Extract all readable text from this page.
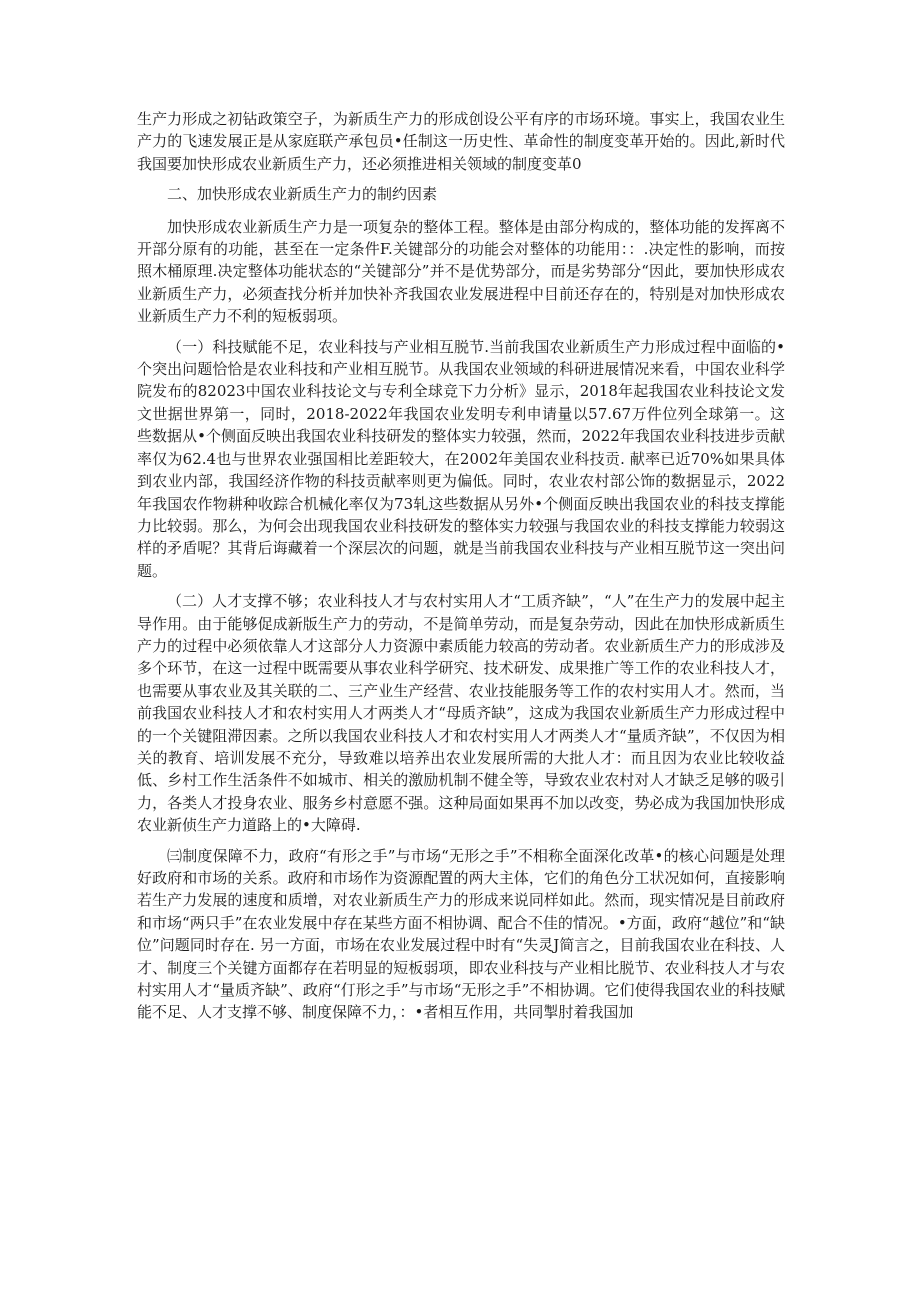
生产力形成之初钻政策空子，为新质生产力的形成创设公平有序的市场环境。事实上，我国农业生产力的飞速发展正是从家庭联产承包员•任制这一历史性、革命性的制度变革开始的。因此,新时代我国要加快形成农业新质生产力，还必须推进相关领域的制度变革0

二、加快形成农业新质生产力的制约因素

加快形成农业新质生产力是一项复杂的整体工程。整体是由部分构成的，整体功能的发挥离不开部分原有的功能，甚至在一定条件F.关键部分的功能会对整体的功能用：：.决定性的影响，而按照木桶原理.决定整体功能状态的“关键部分”并不是优势部分，而是劣势部分“因此，要加快形成农业新质生产力，必须查找分析并加快补齐我国农业发展进程中目前还存在的，特别是对加快形成农业新质生产力不利的短板弱项。

（一）科技赋能不足，农业科技与产业相互脱节.当前我国农业新质生产力形成过程中面临的•个突出问题恰恰是农业科技和产业相互脱节。从我国农业领域的科研进展情况来看，中国农业科学院发布的82023中国农业科技论文与专利全球竞下力分析》显示，2018年起我国农业科技论文发文世据世界第一，同时，2018-2022年我国农业发明专利申请量以57.67万件位列全球第一。这些数据从•个侧面反映出我国农业科技研发的整体实力较强，然而，2022年我国农业科技进步贡献率仅为62.4也与世界农业强国相比差距较大，在2002年美国农业科技贡. 献率已近70%如果具体到农业内部，我国经济作物的科技贡献率则更为偏低。同时，农业农村部公饰的数据显示，2022年我国农作物耕种收踪合机械化率仅为73轧这些数据从另外•个侧面反映出我国农业的科技支撑能力比较弱。那么，为何会出现我国农业科技研发的整体实力较强与我国农业的科技支撑能力较弱这样的矛盾呢？其背后诲藏着一个深层次的问题，就是当前我国农业科技与产业相互脱节这一突出问题。

（二）人才支撑不够；农业科技人才与农村实用人才“工质齐缺”，“人”在生产力的发展中起主导作用。由于能够促成新版生产力的劳动，不是简单劳动，而是复杂劳动，因此在加快形成新质生产力的过程中必须依靠人才这部分人力资源中素质能力较高的劳动者。农业新质生产力的形成涉及多个环节，在这一过程中既需要从事农业科学研究、技术研发、成果推广等工作的农业科技人才，也需要从事农业及其关联的二、三产业生产经营、农业技能服务等工作的农村实用人才。然而，当前我国农业科技人才和农村实用人才两类人才“母质齐缺”，这成为我国农业新质生产力形成过程中的一个关键阻滞因素。之所以我国农业科技人才和农村实用人才两类人才“量质齐缺”，不仅因为相关的教育、培训发展不充分，导致难以培养出农业发展所需的大批人才：而且因为农业比较收益低、乡村工作生活条件不如城市、相关的激励机制不健全等，导致农业农村对人才缺乏足够的吸引力，各类人才投身农业、服务乡村意愿不强。这种局面如果再不加以改变，势必成为我国加快形成农业新侦生产力道路上的•大障碍.

㈢制度保障不力，政府“有形之手”与市场“无形之手”不相称全面深化改革•的核心问题是处理好政府和市场的关系。政府和市场作为资源配置的两大主体，它们的角色分工状况如何，直接影响若生产力发展的速度和质增，对农业新质生产力的形成来说同样如此。然而，现实情况是目前政府和市场“两只手”在农业发展中存在某些方面不相协调、配合不佳的情况。•方面，政府“越位”和“缺位”问题同时存在. 另一方面，市场在农业发展过程中时有“失灵J简言之，目前我国农业在科技、人才、制度三个关键方面都存在若明显的短板弱项，即农业科技与产业相比脱节、农业科技人才与农村实用人才“量质齐缺”、政府“仃形之手”与市场“无形之手”不相协调。它们使得我国农业的科技赋能不足、人才支撑不够、制度保障不力，：•者相互作用，共同掣肘着我国加
